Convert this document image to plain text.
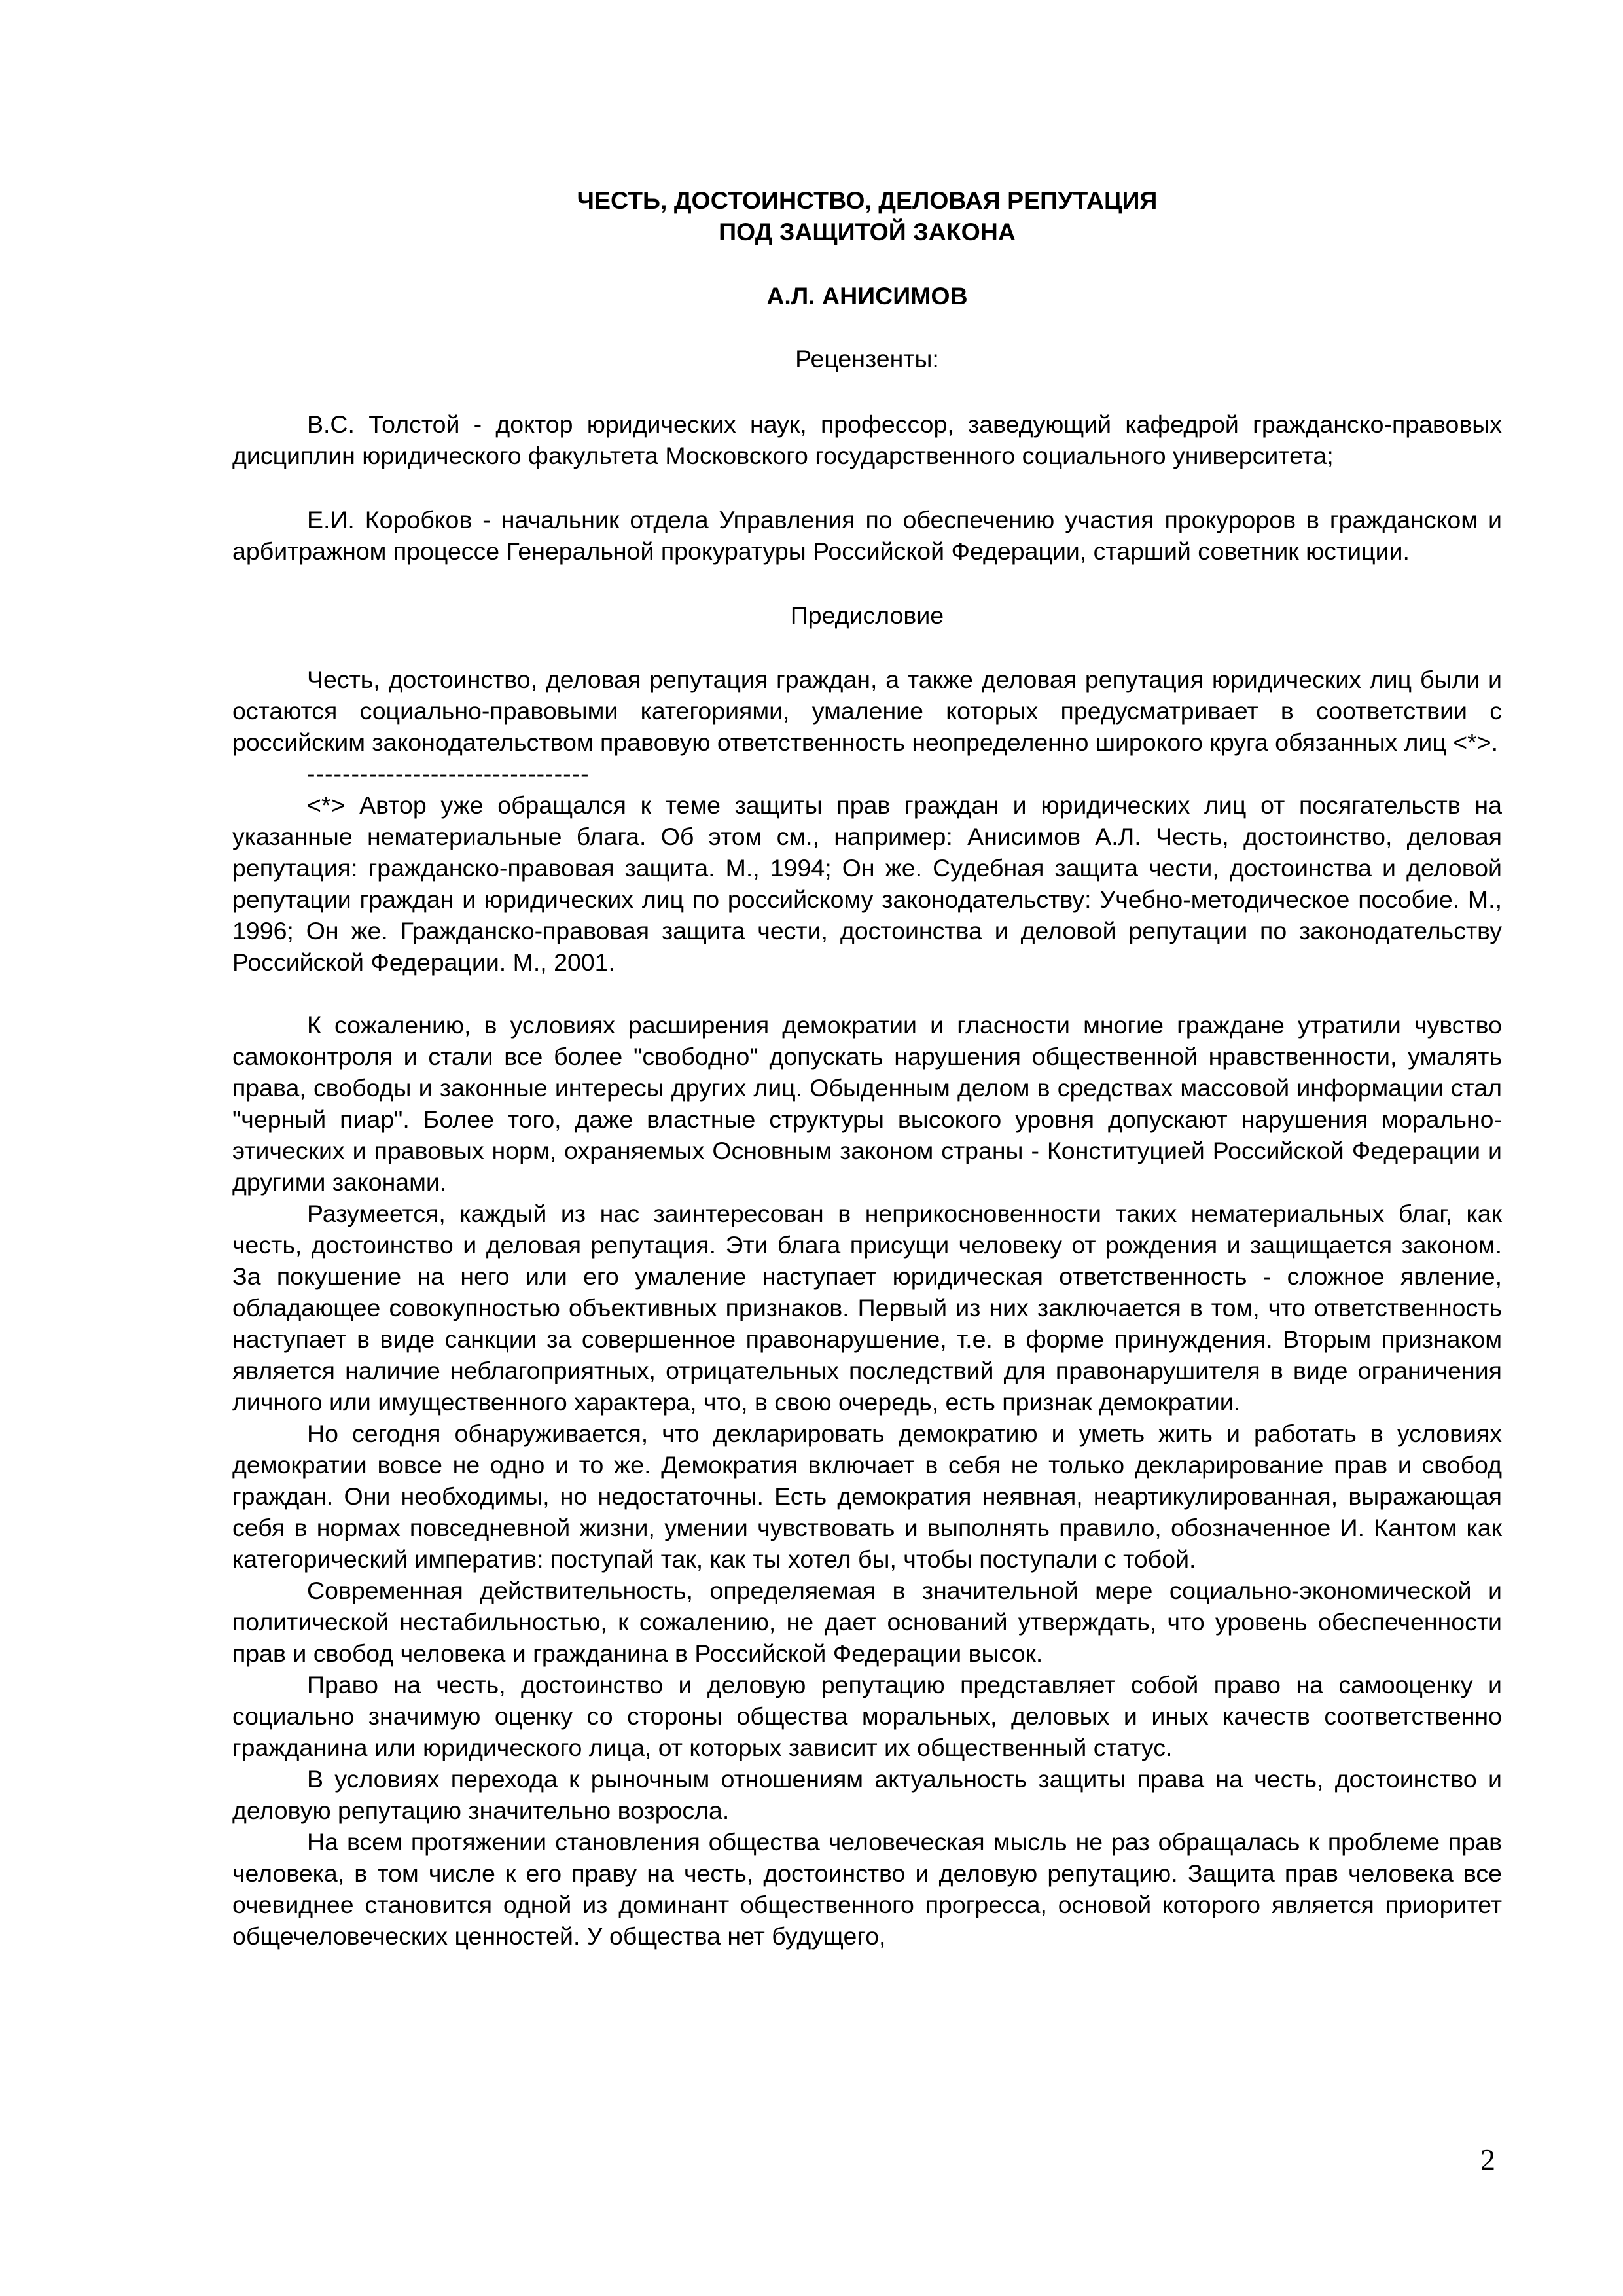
ЧЕСТЬ, ДОСТОИНСТВО, ДЕЛОВАЯ РЕПУТАЦИЯ
ПОД ЗАЩИТОЙ ЗАКОНА
А.Л. АНИСИМОВ
Рецензенты:

В.С. Толстой - доктор юридических наук, профессор, заведующий кафедрой гражданско-правовых дисциплин юридического факультета Московского государственного социального университета;

Е.И. Коробков - начальник отдела Управления по обеспечению участия прокуроров в гражданском и арбитражном процессе Генеральной прокуратуры Российской Федерации, старший советник юстиции.

Предисловие

Честь, достоинство, деловая репутация граждан, а также деловая репутация юридических лиц были и остаются социально-правовыми категориями, умаление которых предусматривает в соответствии с российским законодательством правовую ответственность неопределенно широкого круга обязанных лиц <*>.

--------------------------------

<*> Автор уже обращался к теме защиты прав граждан и юридических лиц от посягательств на указанные нематериальные блага. Об этом см., например: Анисимов А.Л. Честь, достоинство, деловая репутация: гражданско-правовая защита. М., 1994; Он же. Судебная защита чести, достоинства и деловой репутации граждан и юридических лиц по российскому законодательству: Учебно-методическое пособие. М., 1996; Он же. Гражданско-правовая защита чести, достоинства и деловой репутации по законодательству Российской Федерации. М., 2001.

К сожалению, в условиях расширения демократии и гласности многие граждане утратили чувство самоконтроля и стали все более "свободно" допускать нарушения общественной нравственности, умалять права, свободы и законные интересы других лиц. Обыденным делом в средствах массовой информации стал "черный пиар". Более того, даже властные структуры высокого уровня допускают нарушения морально-этических и правовых норм, охраняемых Основным законом страны - Конституцией Российской Федерации и другими законами.

Разумеется, каждый из нас заинтересован в неприкосновенности таких нематериальных благ, как честь, достоинство и деловая репутация. Эти блага присущи человеку от рождения и защищается законом. За покушение на него или его умаление наступает юридическая ответственность - сложное явление, обладающее совокупностью объективных признаков. Первый из них заключается в том, что ответственность наступает в виде санкции за совершенное правонарушение, т.е. в форме принуждения. Вторым признаком является наличие неблагоприятных, отрицательных последствий для правонарушителя в виде ограничения личного или имущественного характера, что, в свою очередь, есть признак демократии.

Но сегодня обнаруживается, что декларировать демократию и уметь жить и работать в условиях демократии вовсе не одно и то же. Демократия включает в себя не только декларирование прав и свобод граждан. Они необходимы, но недостаточны. Есть демократия неявная, неартикулированная, выражающая себя в нормах повседневной жизни, умении чувствовать и выполнять правило, обозначенное И. Кантом как категорический императив: поступай так, как ты хотел бы, чтобы поступали с тобой.

Современная действительность, определяемая в значительной мере социально-экономической и политической нестабильностью, к сожалению, не дает оснований утверждать, что уровень обеспеченности прав и свобод человека и гражданина в Российской Федерации высок.

Право на честь, достоинство и деловую репутацию представляет собой право на самооценку и социально значимую оценку со стороны общества моральных, деловых и иных качеств соответственно гражданина или юридического лица, от которых зависит их общественный статус.

В условиях перехода к рыночным отношениям актуальность защиты права на честь, достоинство и деловую репутацию значительно возросла.

На всем протяжении становления общества человеческая мысль не раз обращалась к проблеме прав человека, в том числе к его праву на честь, достоинство и деловую репутацию. Защита прав человека все очевиднее становится одной из доминант общественного прогресса, основой которого является приоритет общечеловеческих ценностей. У общества нет будущего,

2
